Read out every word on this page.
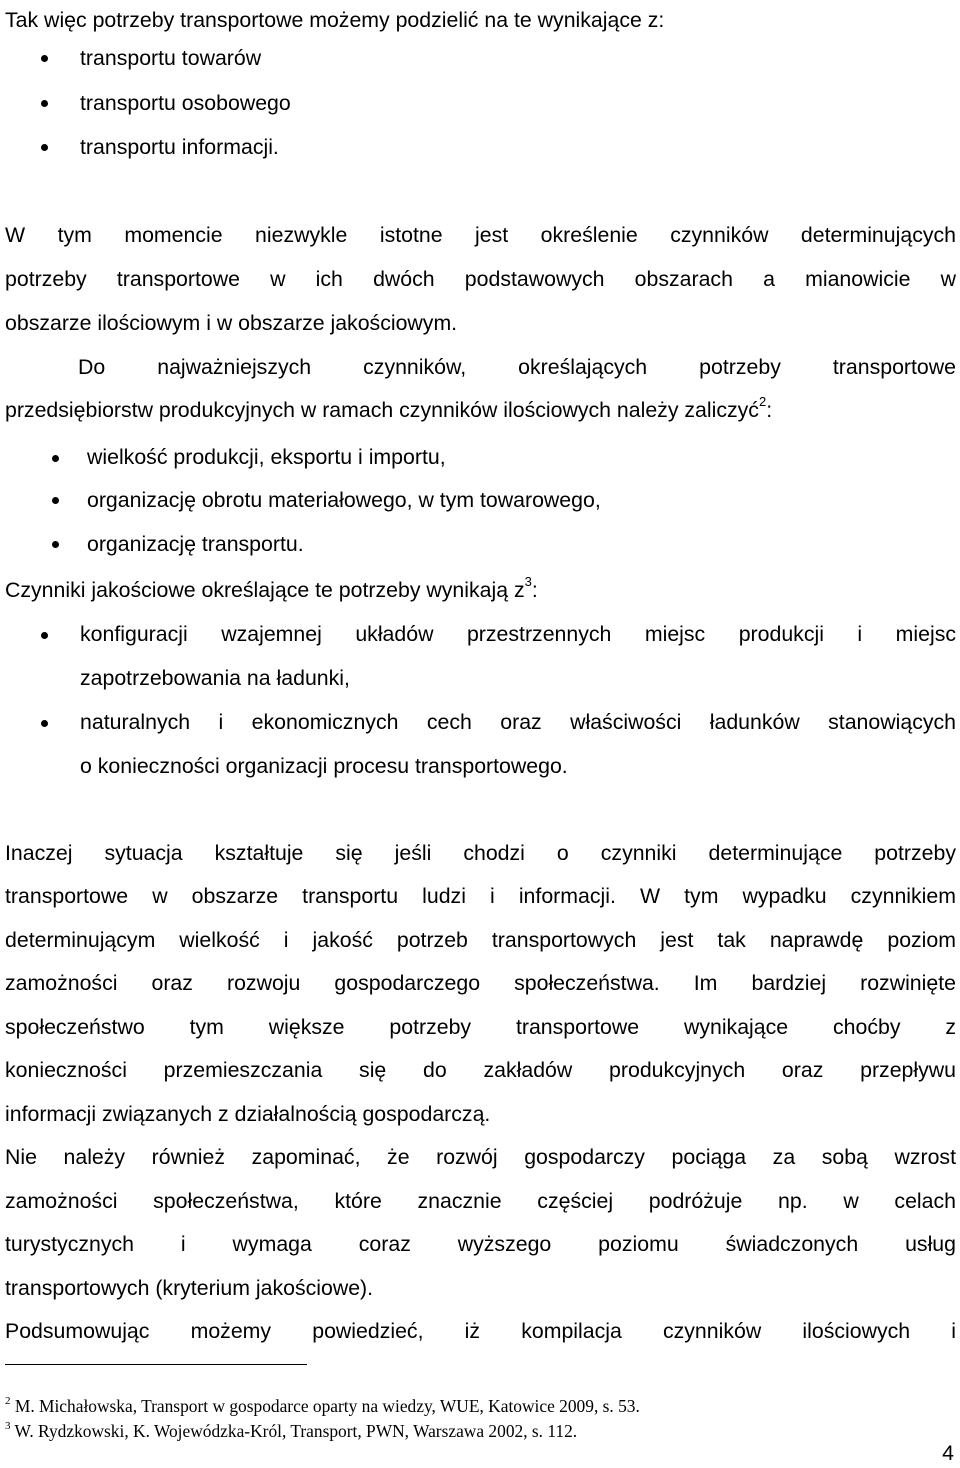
Tak więc potrzeby transportowe możemy podzielić na te wynikające z:

transportu towarów

transportu osobowego

transportu informacji.

W tym momencie niezwykle istotne jest określenie czynników determinujących

potrzeby transportowe w ich dwóch podstawowych obszarach a mianowicie w

obszarze ilościowym i w obszarze jakościowym.

Do najważniejszych czynników, określających potrzeby transportowe

przedsiębiorstw produkcyjnych w ramach czynników ilościowych należy zaliczyć$^2$:

wielkość produkcji, eksportu i importu,

organizację obrotu materiałowego, w tym towarowego,

organizację transportu.

Czynniki jakościowe określające te potrzeby wynikają $z^3$:

konfiguracji wzajemnej układów przestrzennych miejsc produkcji i miejsc

zapotrzebowania na ładunki,

naturalnych i ekonomicznych cech oraz właściwości ładunków stanowiących

o konieczności organizacji procesu transportowego.

Inaczej sytuacja kształtuje się jeśli chodzi o czynniki determinujące potrzeby

transportowe w obszarze transportu ludzi i informacji. W tym wypadku czynnikiem

determinującym wielkość i jakość potrzeb transportowych jest tak naprawdę poziom

zamożności oraz rozwoju gospodarczego społeczeństwa. Im bardziej rozwinięte

społeczeństwo tym większe potrzeby transportowe wynikające choćby z

konieczności przemieszczania się do zakładów produkcyjnych oraz przepływu

informacji związanych z działalnością gospodarczą.

Nie należy również zapominać, że rozwój gospodarczy pociąga za sobą wzrost

zamożności społeczeństwa, które znacznie częściej podróżuje np. w celach

turystycznych i wymaga coraz wyższego poziomu świadczonych usług

transportowych (kryterium jakościowe).

Podsumowując możemy powiedzieć, iż kompilacja czynników ilościowych i

$^2$ M. Michałowska, Transport w gospodarce oparty na wiedzy, WUE, Katowice 2009, s. 53.

$^3$ W. Rydzkowski, K. Wojewódzka-Król, Transport, PWN, Warszawa 2002, s. 112.

4
